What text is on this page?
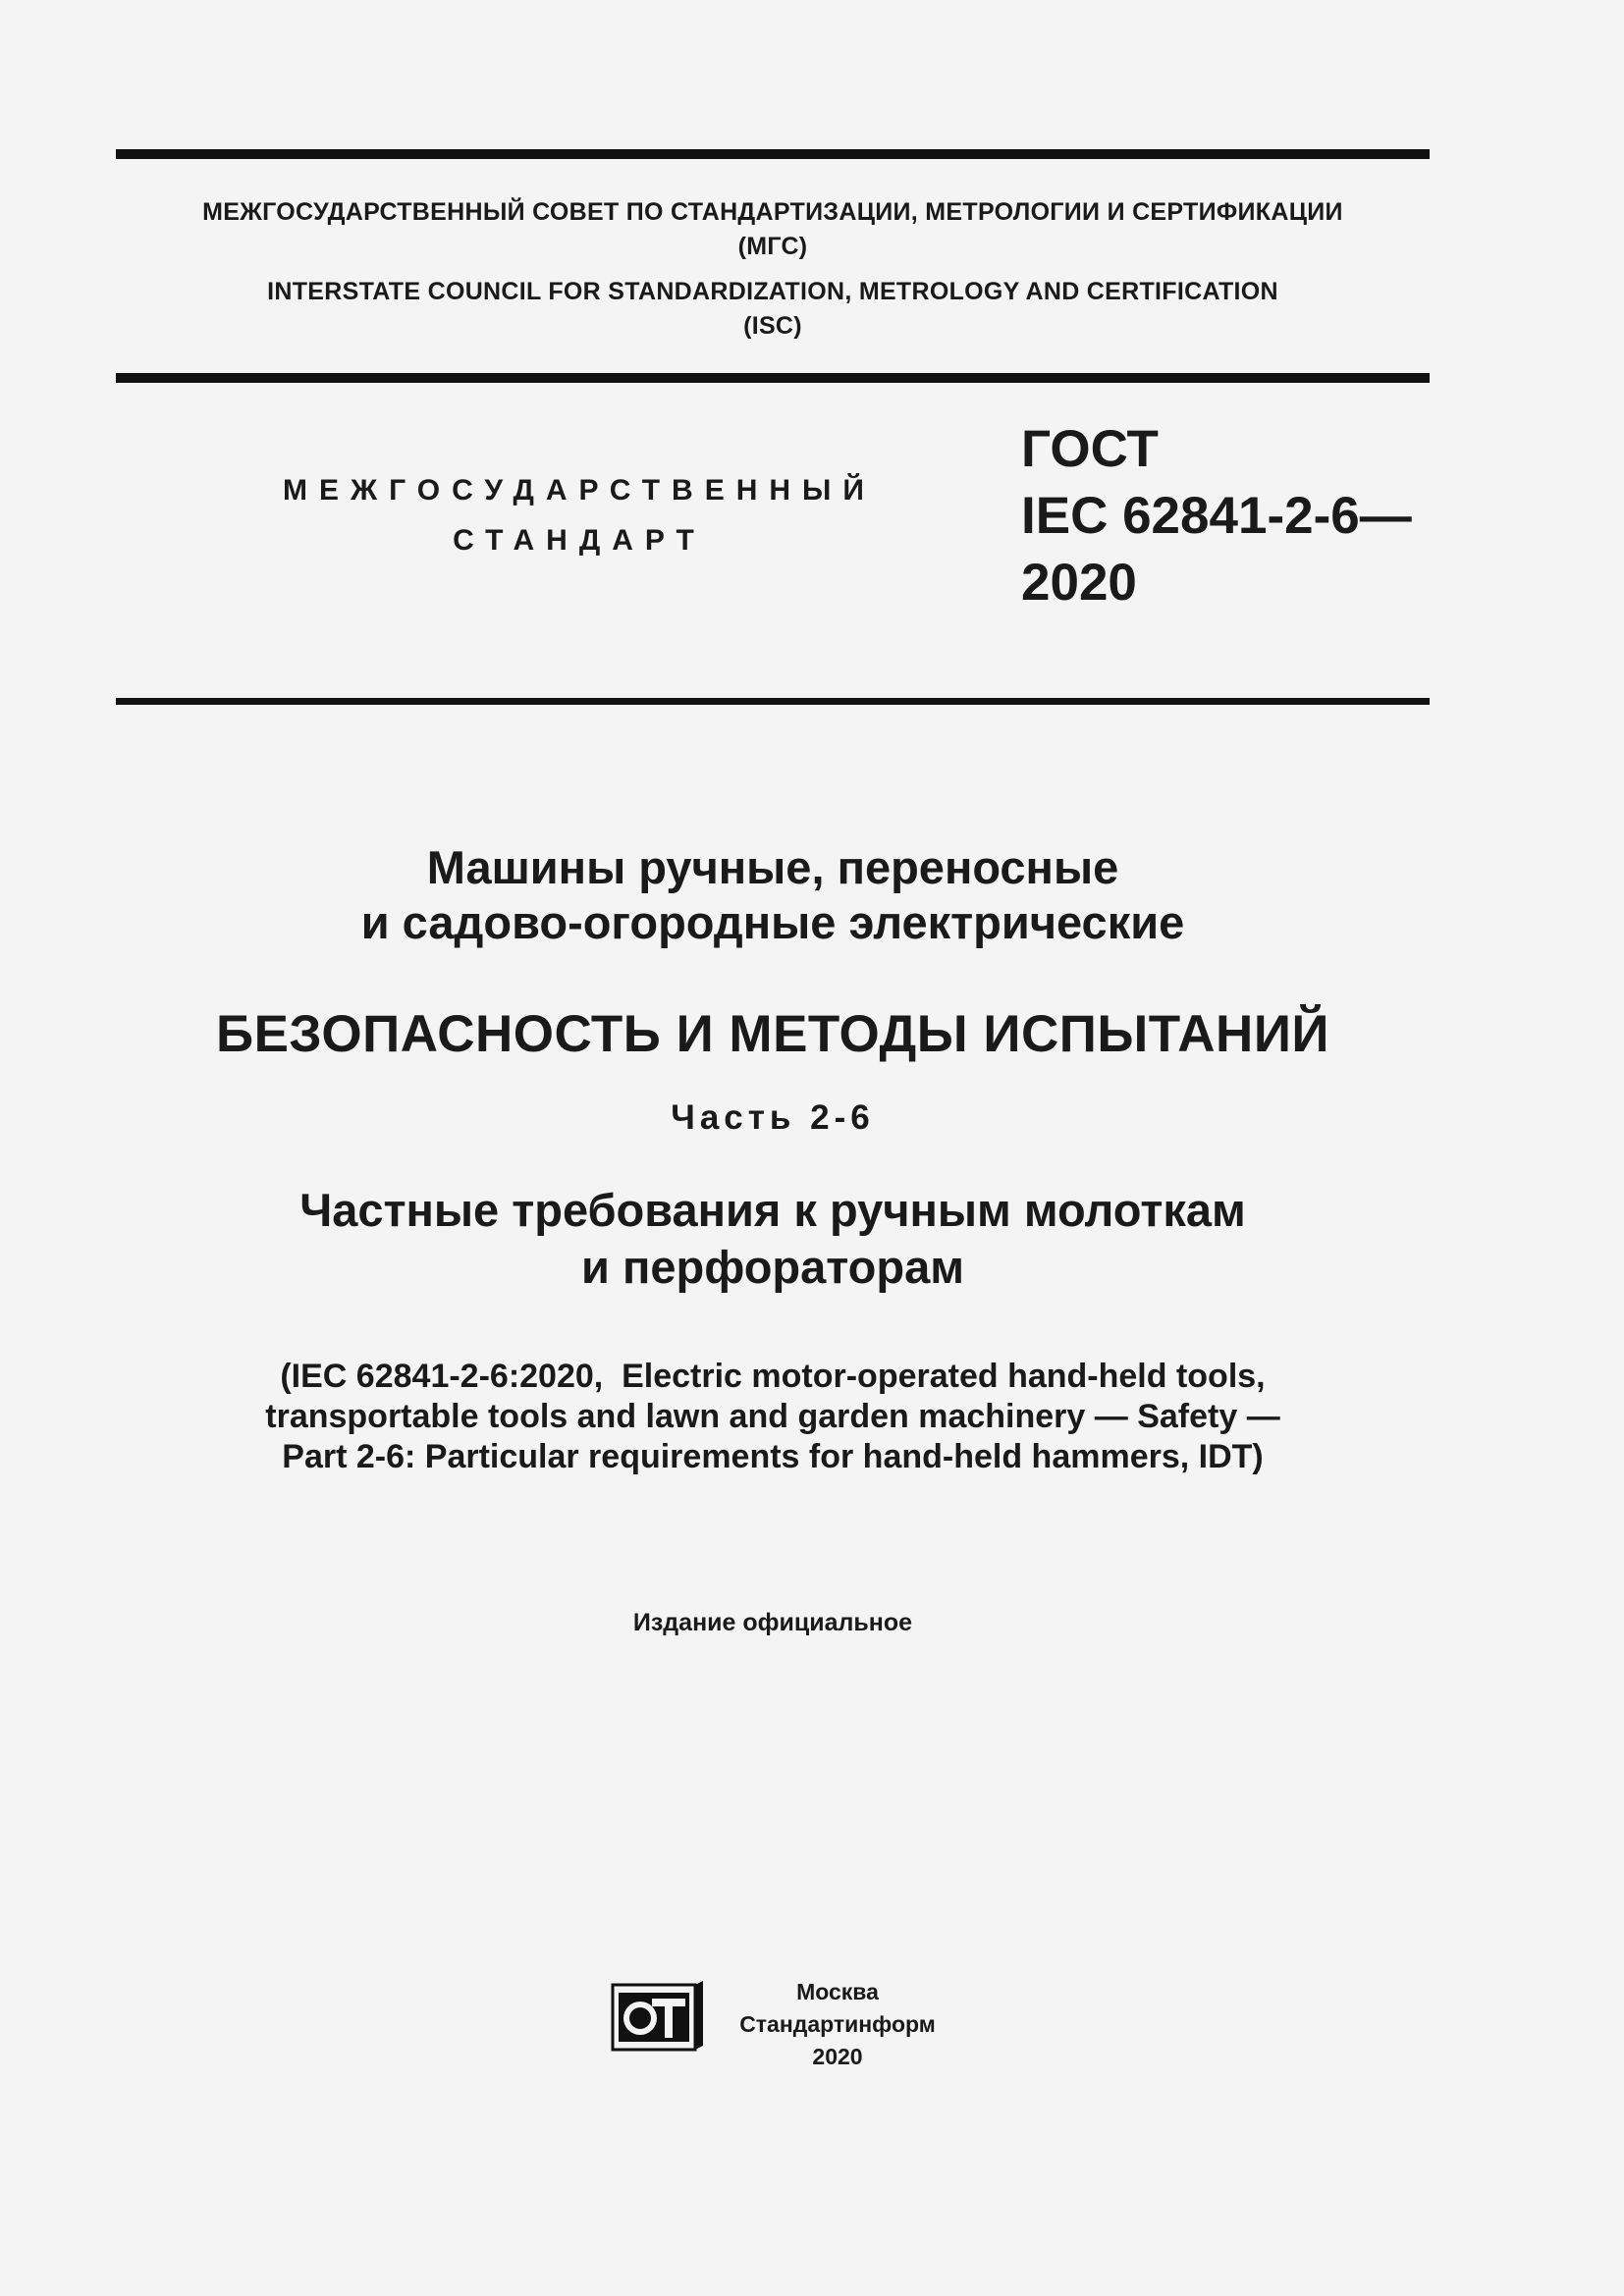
МЕЖГОСУДАРСТВЕННЫЙ СОВЕТ ПО СТАНДАРТИЗАЦИИ, МЕТРОЛОГИИ И СЕРТИФИКАЦИИ
(МГС)
INTERSTATE COUNCIL FOR STANDARDIZATION, METROLOGY AND CERTIFICATION
(ISC)
МЕЖГОСУДАРСТВЕННЫЙ
СТАНДАРТ
ГОСТ
IEC 62841-2-6—
2020
Машины ручные, переносные
и садово-огородные электрические
БЕЗОПАСНОСТЬ И МЕТОДЫ ИСПЫТАНИЙ
Часть 2-6
Частные требования к ручным молоткам
и перфораторам
(IEC 62841-2-6:2020,  Electric motor-operated hand-held tools,
transportable tools and lawn and garden machinery — Safety —
Part 2-6: Particular requirements for hand-held hammers, IDT)
Издание официальное
Москва
Стандартинформ
2020
